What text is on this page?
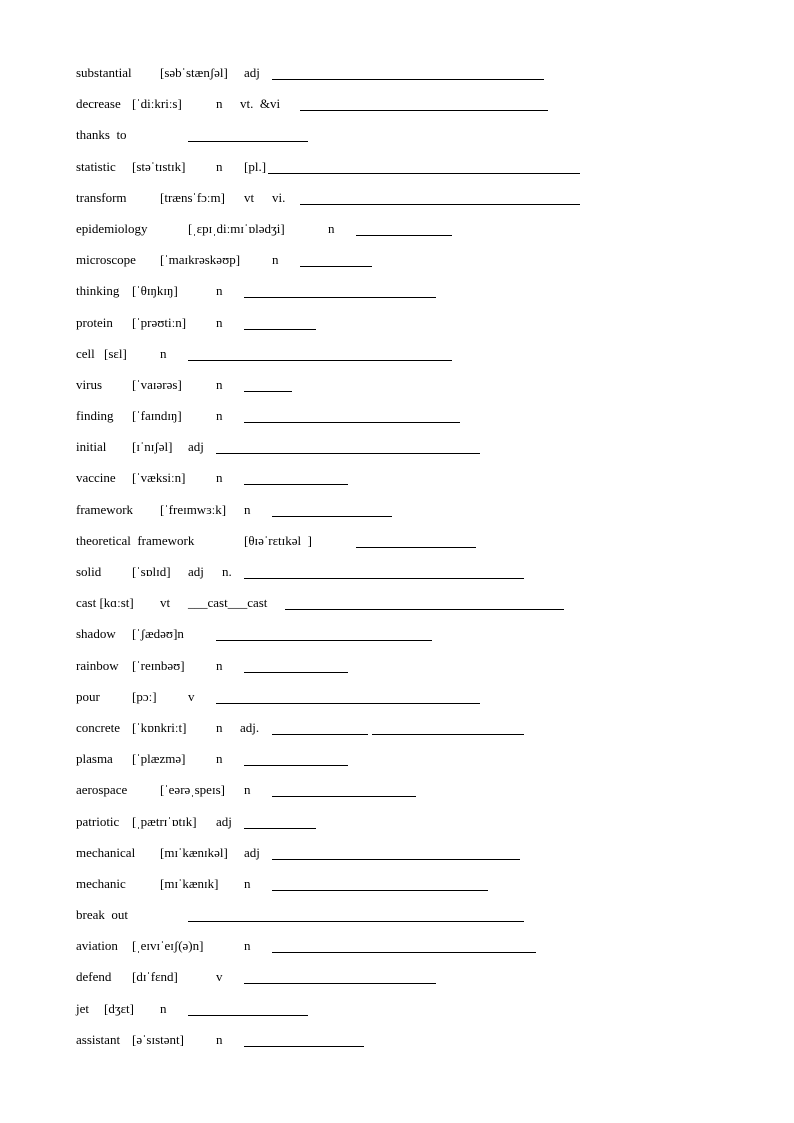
substantial [səbˈstænʃəl] adj
decrease [ˈdiːkriːs]	n vt.  &vi
thanks  to
statistic [stəˈtɪstɪk] n [pl.]
transform	[trænsˈfɔːm] vt vi.
epidemiology	[ˌɛpɪˌdiːmɪˈɒlədʒi]	n
microscope [ˈmaɪkrəskəʊp] n
thinking [ˈθɪŋkɪŋ]	n
protein [ˈprəʊtiːn] n
cell [sɛl]	n
virus [ˈvaɪərəs]	n
finding [ˈfaɪndɪŋ]	n
initial [ɪˈnɪʃəl] adj
vaccine [ˈvæksiːn] n
framework [ˈfreɪmwɜːk] n
theoretical  framework	[θɪəˈrɛtɪkəl  ]
solid [ˈsɒlɪd] adj n.
cast [kɑːst] vt ___cast___cast
shadow [ˈʃædəʊ]n
rainbow [ˈreɪnbəʊ] n
pour [pɔː] v
concrete [ˈkɒnkriːt] n adj.
plasma [ˈplæzmə] n
aerospace	[ˈeərəˌspeɪs] n
patriotic [ˌpætrɪˈɒtɪk] adj
mechanical [mɪˈkænɪkəl] adj
mechanic	[mɪˈkænɪk] n
break  out
aviation [ˌeɪvɪˈeɪʃ(ə)n]	n
defend [dɪˈfɛnd]	v
jet [dʒɛt] n
assistant [əˈsɪstənt] n
